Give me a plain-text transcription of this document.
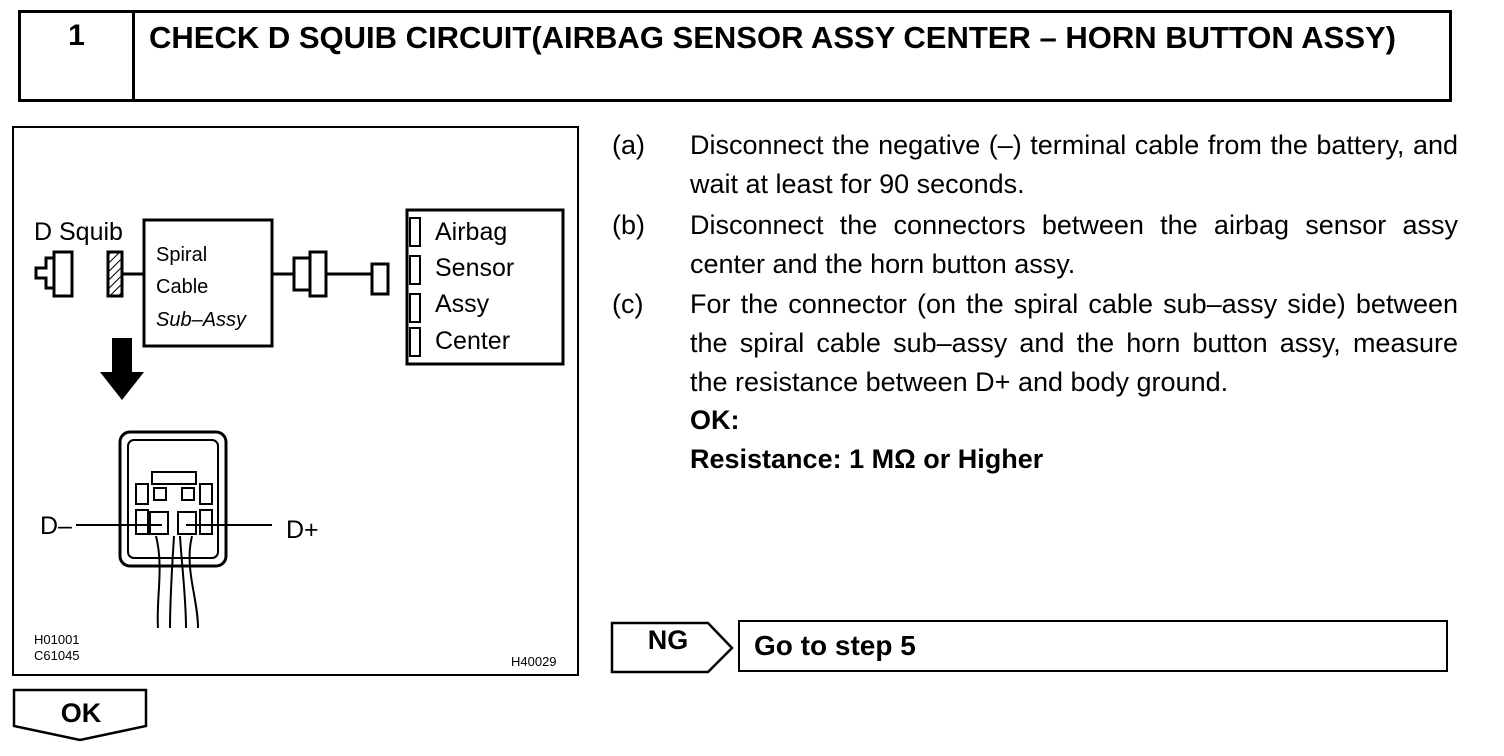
1	CHECK D SQUIB CIRCUIT(AIRBAG SENSOR ASSY CENTER – HORN BUTTON ASSY)
D Squib
Spiral
Cable
Sub–Assy
Airbag
Sensor
Assy
Center
D–	D+
H01001
C61045	H40029
(a)	Disconnect the negative (–) terminal cable from the battery, and wait at least for 90 seconds.
(b)	Disconnect the connectors between the airbag sensor assy center and the horn button assy.
(c)	For the connector (on the spiral cable sub–assy side) between the spiral cable sub–assy and the horn button assy, measure the resistance between D+ and body ground.
OK:
Resistance: 1 MΩ or Higher
NG	Go to step 5
OK
